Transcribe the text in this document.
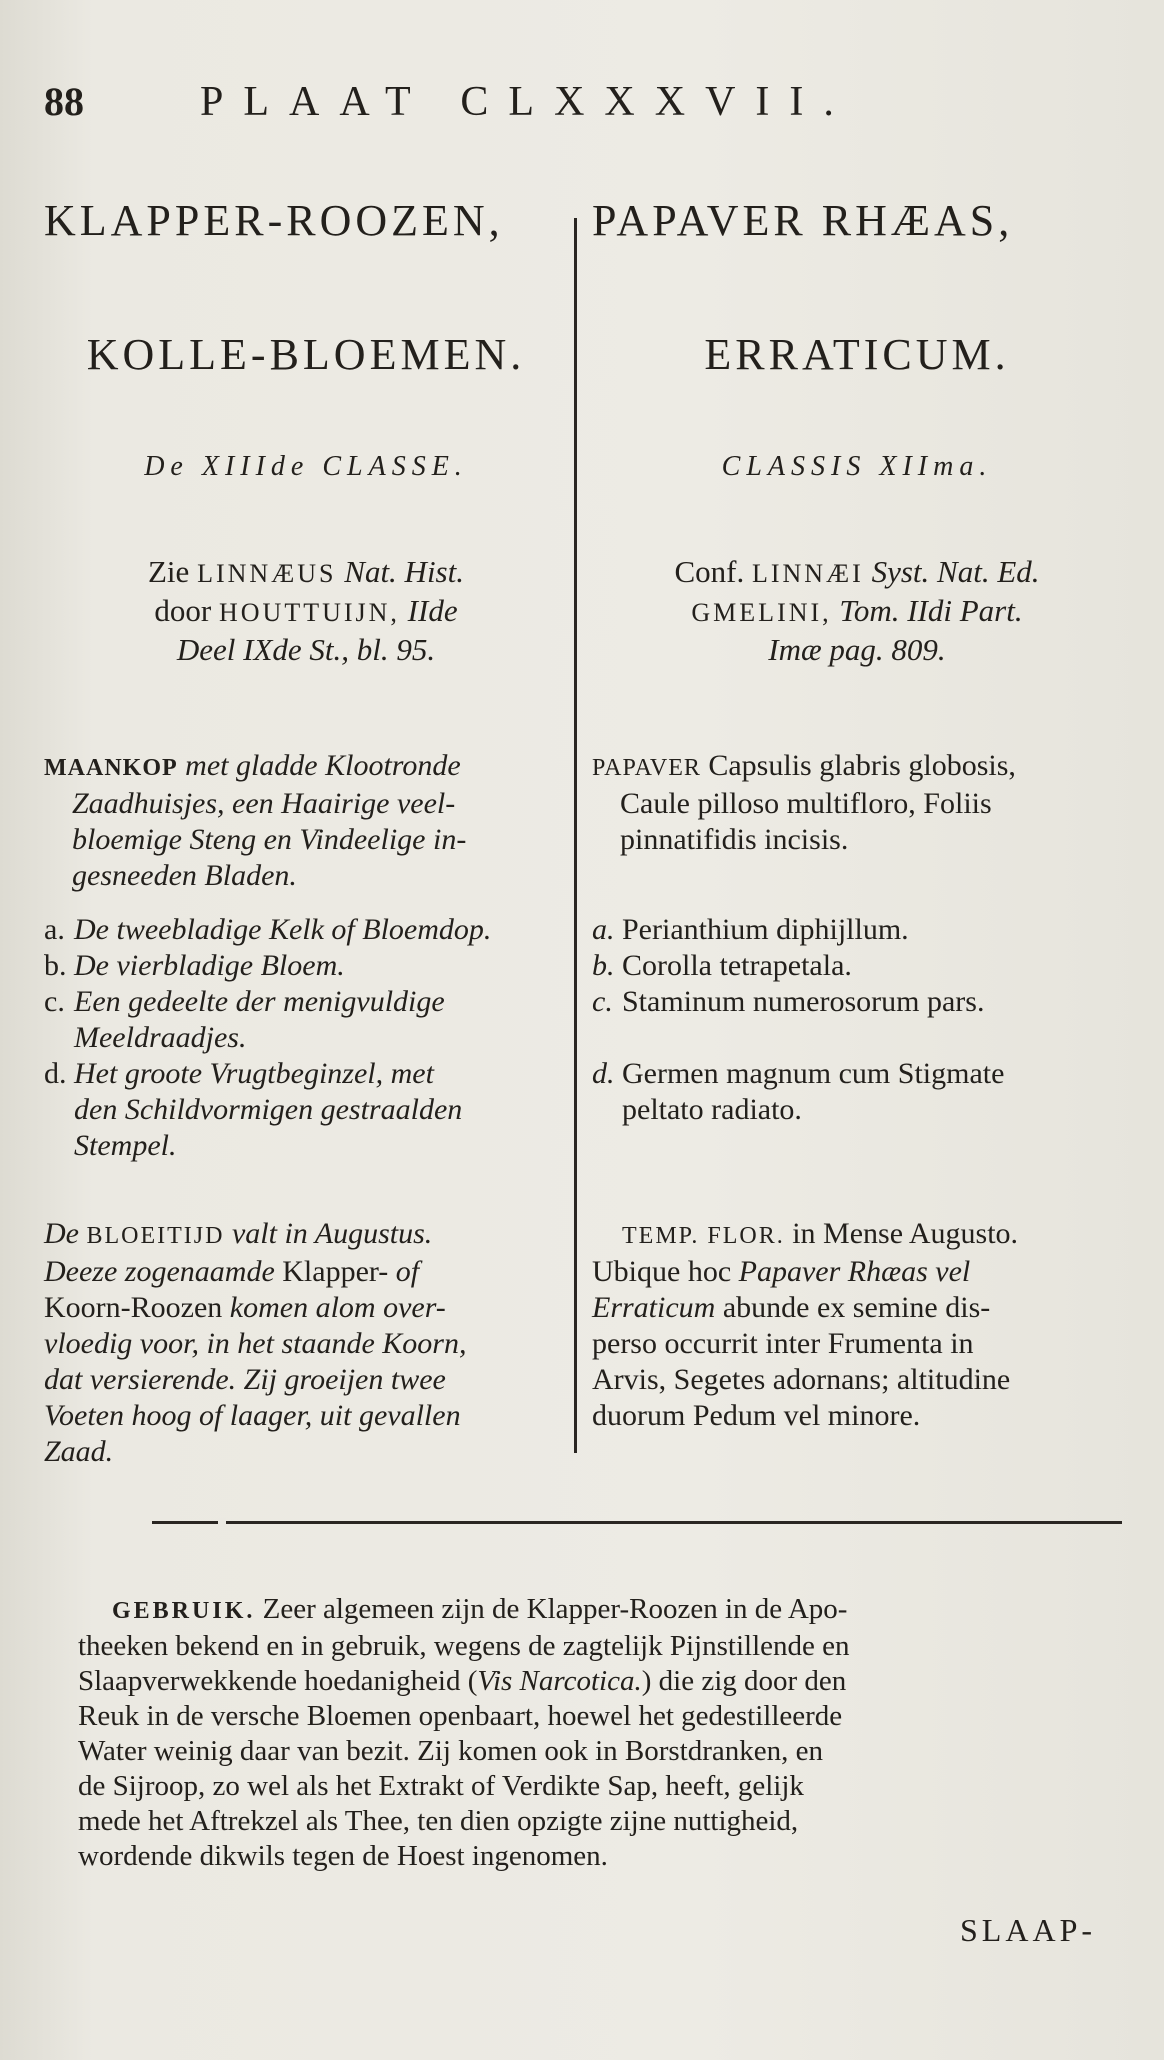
88	PLAAT CLXXXVII.
KLAPPER-ROOZEN,
KOLLE-BLOEMEN.
De XIIIde CLASSE.
Zie LINNÆUS Nat. Hist.
door HOUTTUIJN, IIde
Deel IXde St., bl. 95.
MAANKOP met gladde Klootronde
Zaadhuisjes, een Haairige veel-
bloemige Steng en Vindeelige in-
gesneeden Bladen.
a. De tweebladige Kelk of Bloemdop.
b. De vierbladige Bloem.
c. Een gedeelte der menigvuldige
Meeldraadjes.
d. Het groote Vrugtbeginzel, met
den Schildvormigen gestraalden
Stempel.
De BLOEITIJD valt in Augustus.
Deeze zogenaamde Klapper- of
Koorn-Roozen komen alom over-
vloedig voor, in het staande Koorn,
dat versierende. Zij groeijen twee
Voeten hoog of laager, uit gevallen
Zaad.
PAPAVER RHÆAS,
ERRATICUM.
CLASSIS XIIma.
Conf. LINNÆI Syst. Nat. Ed.
GMELINI, Tom. IIdi Part.
Imæ pag. 809.
PAPAVER Capsulis glabris globosis,
Caule pilloso multifloro, Foliis
pinnatifidis incisis.
a. Perianthium diphijllum.
b. Corolla tetrapetala.
c. Staminum numerosorum pars.
d. Germen magnum cum Stigmate
peltato radiato.
TEMP. FLOR. in Mense Augusto.
Ubique hoc Papaver Rhæas vel
Erraticum abunde ex semine dis-
perso occurrit inter Frumenta in
Arvis, Segetes adornans; altitudine
duorum Pedum vel minore.
GEBRUIK. Zeer algemeen zijn de Klapper-Roozen in de Apo-
theeken bekend en in gebruik, wegens de zagtelijk Pijnstillende en
Slaapverwekkende hoedanigheid (Vis Narcotica.) die zig door den
Reuk in de versche Bloemen openbaart, hoewel het gedestilleerde
Water weinig daar van bezit. Zij komen ook in Borstdranken, en
de Sijroop, zo wel als het Extrakt of Verdikte Sap, heeft, gelijk
mede het Aftrekzel als Thee, ten dien opzigte zijne nuttigheid,
wordende dikwils tegen de Hoest ingenomen.
SLAAP-
